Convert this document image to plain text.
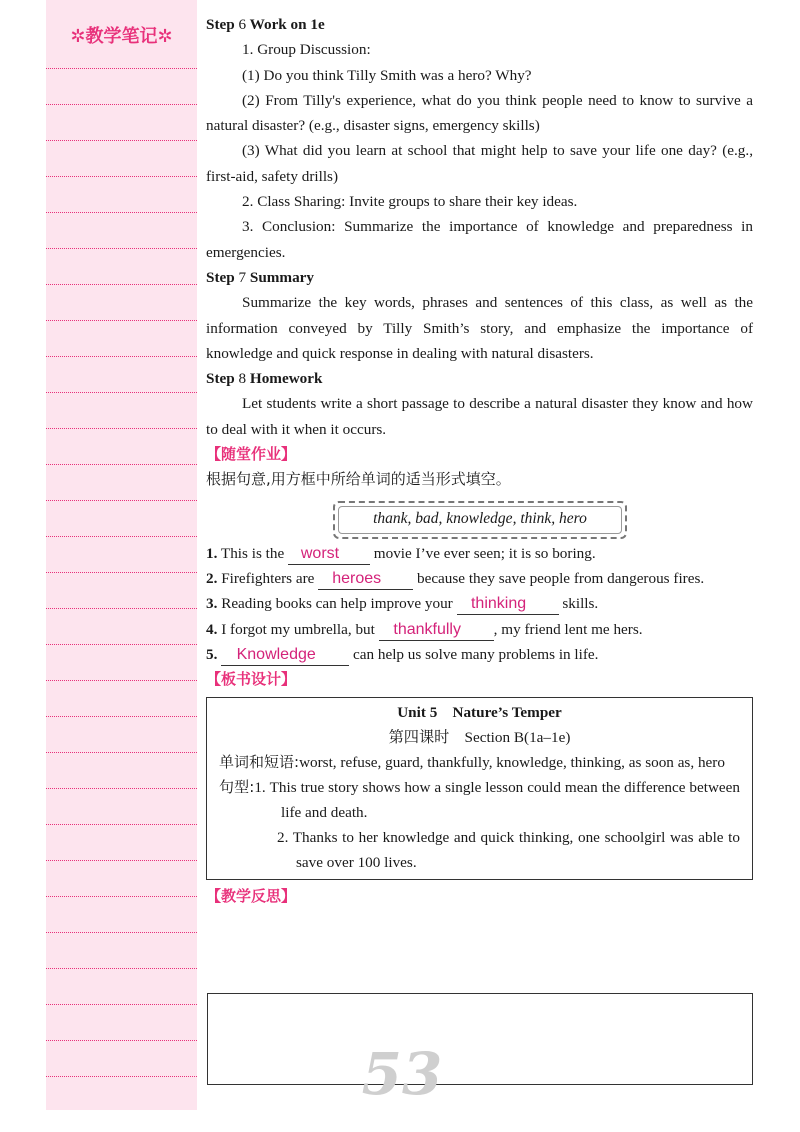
✲教学笔记✲

Step 6 Work on 1e

1. Group Discussion:

(1) Do you think Tilly Smith was a hero? Why?

(2) From Tilly's experience, what do you think people need to know to survive a natural disaster? (e.g., disaster signs, emergency skills)

(3) What did you learn at school that might help to save your life one day? (e.g., first-aid, safety drills)

2. Class Sharing: Invite groups to share their key ideas.

3. Conclusion: Summarize the importance of knowledge and preparedness in emergencies.

Step 7 Summary

Summarize the key words, phrases and sentences of this class, as well as the information conveyed by Tilly Smith’s story, and emphasize the importance of knowledge and quick response in dealing with natural disasters.

Step 8 Homework

Let students write a short passage to describe a natural disaster they know and how to deal with it when it occurs.

【随堂作业】

根据句意,用方框中所给单词的适当形式填空。

thank, bad, knowledge, think, hero

1. This is the worst movie I’ve ever seen; it is so boring.

2. Firefighters are heroes because they save people from dangerous fires.

3. Reading books can help improve your thinking skills.

4. I forgot my umbrella, but thankfully , my friend lent me hers.

5. Knowledge can help us solve many problems in life.

【板书设计】

Unit 5 Nature’s Temper

第四课时　Section B(1a–1e)

单词和短语:worst, refuse, guard, thankfully, knowledge, thinking, as soon as, hero

句型:1. This true story shows how a single lesson could mean the difference between life and death.

2. Thanks to her knowledge and quick thinking, one schoolgirl was able to save over 100 lives.

【教学反思】

53
